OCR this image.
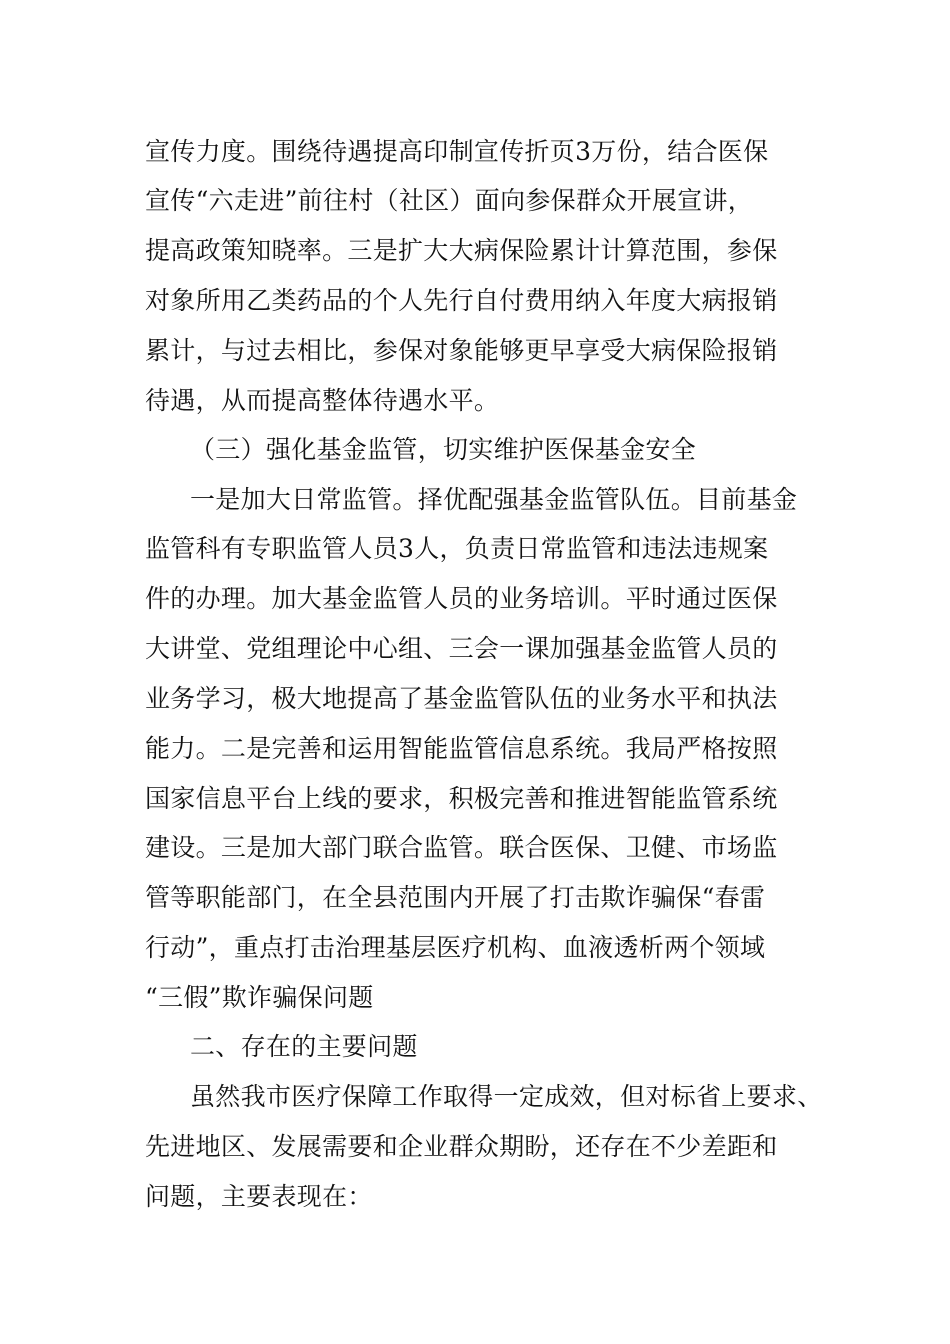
宣传力度。围绕待遇提高印制宣传折页3万份，结合医保
宣传“六走进”前往村（社区）面向参保群众开展宣讲，
提高政策知晓率。三是扩大大病保险累计计算范围，参保
对象所用乙类药品的个人先行自付费用纳入年度大病报销
累计，与过去相比，参保对象能够更早享受大病保险报销
待遇，从而提高整体待遇水平。
（三）强化基金监管，切实维护医保基金安全
一是加大日常监管。择优配强基金监管队伍。目前基金
监管科有专职监管人员3人，负责日常监管和违法违规案
件的办理。加大基金监管人员的业务培训。平时通过医保
大讲堂、党组理论中心组、三会一课加强基金监管人员的
业务学习，极大地提高了基金监管队伍的业务水平和执法
能力。二是完善和运用智能监管信息系统。我局严格按照
国家信息平台上线的要求，积极完善和推进智能监管系统
建设。三是加大部门联合监管。联合医保、卫健、市场监
管等职能部门，在全县范围内开展了打击欺诈骗保“春雷
行动”，重点打击治理基层医疗机构、血液透析两个领域
“三假”欺诈骗保问题
二、存在的主要问题
虽然我市医疗保障工作取得一定成效，但对标省上要求、
先进地区、发展需要和企业群众期盼，还存在不少差距和
问题，主要表现在：
